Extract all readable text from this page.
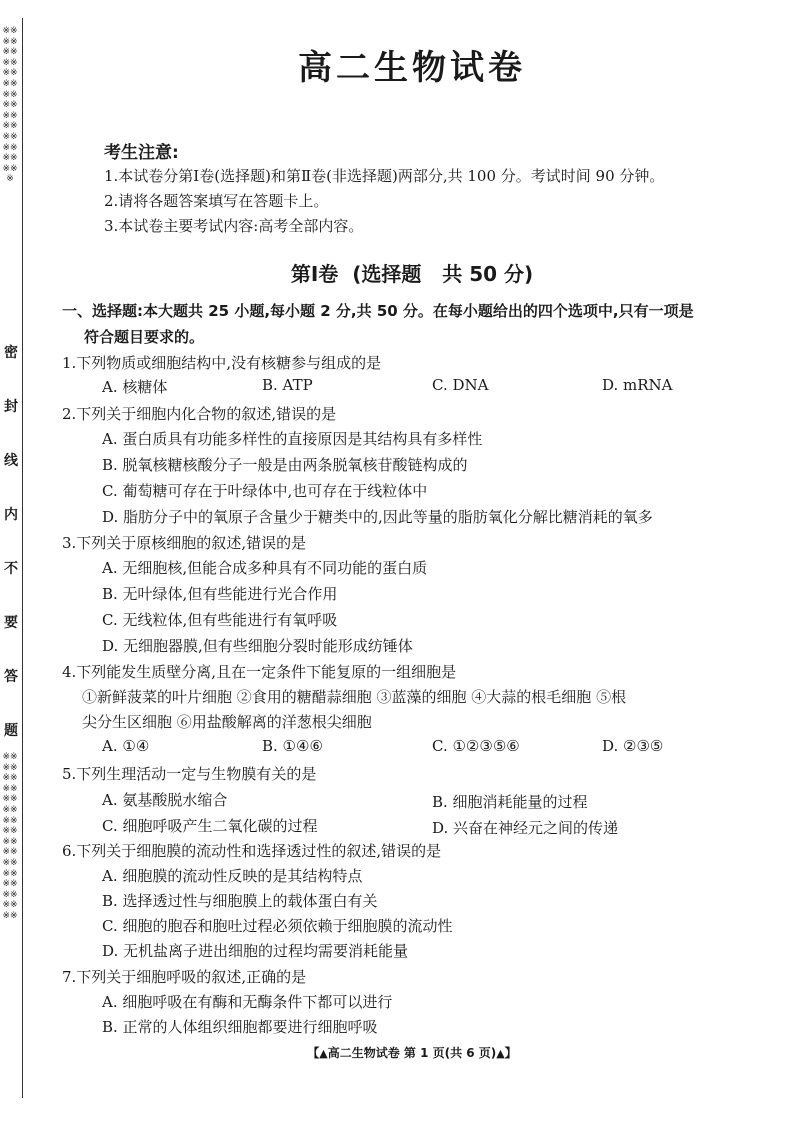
※※※※※※※※※※※※※※※※※※※※※※※※※※※※※
密
封
线
内
不
要
答
题
※※※※※※※※※※※※※※※※※※※※※※※※※※※※※※※※
高二生物试卷
考生注意:
1.本试卷分第Ⅰ卷(选择题)和第Ⅱ卷(非选择题)两部分,共 100 分。考试时间 90 分钟。
2.请将各题答案填写在答题卡上。
3.本试卷主要考试内容:高考全部内容。
第Ⅰ卷  (选择题   共 50 分)
一、选择题:本大题共 25 小题,每小题 2 分,共 50 分。在每小题给出的四个选项中,只有一项是
符合题目要求的。
1.下列物质或细胞结构中,没有核糖参与组成的是
A. 核糖体	B. ATP	C. DNA	D. mRNA
2.下列关于细胞内化合物的叙述,错误的是
A. 蛋白质具有功能多样性的直接原因是其结构具有多样性
B. 脱氧核糖核酸分子一般是由两条脱氧核苷酸链构成的
C. 葡萄糖可存在于叶绿体中,也可存在于线粒体中
D. 脂肪分子中的氧原子含量少于糖类中的,因此等量的脂肪氧化分解比糖消耗的氧多
3.下列关于原核细胞的叙述,错误的是
A. 无细胞核,但能合成多种具有不同功能的蛋白质
B. 无叶绿体,但有些能进行光合作用
C. 无线粒体,但有些能进行有氧呼吸
D. 无细胞器膜,但有些细胞分裂时能形成纺锤体
4.下列能发生质壁分离,且在一定条件下能复原的一组细胞是
①新鲜菠菜的叶片细胞 ②食用的糖醋蒜细胞 ③蓝藻的细胞 ④大蒜的根毛细胞 ⑤根
尖分生区细胞 ⑥用盐酸解离的洋葱根尖细胞
A. ①④	B. ①④⑥	C. ①②③⑤⑥	D. ②③⑤
5.下列生理活动一定与生物膜有关的是
A. 氨基酸脱水缩合	B. 细胞消耗能量的过程
C. 细胞呼吸产生二氧化碳的过程	D. 兴奋在神经元之间的传递
6.下列关于细胞膜的流动性和选择透过性的叙述,错误的是
A. 细胞膜的流动性反映的是其结构特点
B. 选择透过性与细胞膜上的载体蛋白有关
C. 细胞的胞吞和胞吐过程必须依赖于细胞膜的流动性
D. 无机盐离子进出细胞的过程均需要消耗能量
7.下列关于细胞呼吸的叙述,正确的是
A. 细胞呼吸在有酶和无酶条件下都可以进行
B. 正常的人体组织细胞都要进行细胞呼吸
【▲高二生物试卷 第 1 页(共 6 页)▲】
